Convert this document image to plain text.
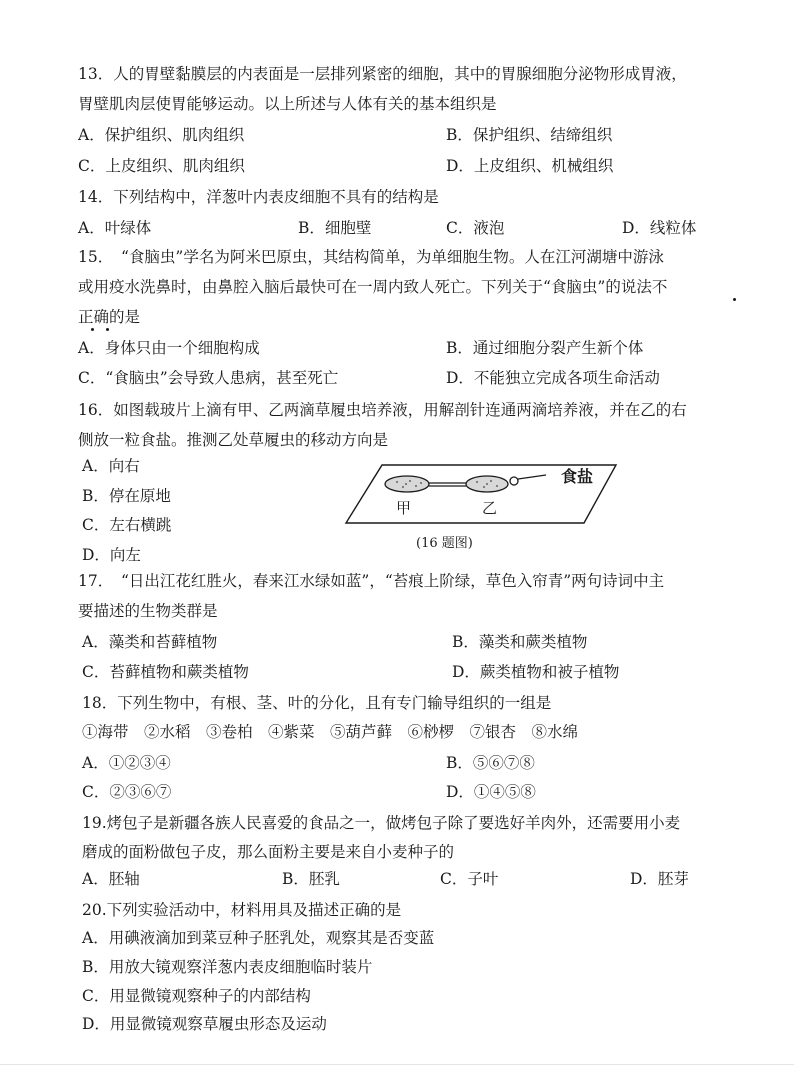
13．人的胃壁黏膜层的内表面是一层排列紧密的细胞，其中的胃腺细胞分泌物形成胃液，
胃壁肌肉层使胃能够运动。以上所述与人体有关的基本组织是
A．保护组织、肌肉组织	B．保护组织、结缔组织
C．上皮组织、肌肉组织	D．上皮组织、机械组织
14．下列结构中，洋葱叶内表皮细胞不具有的结构是
A．叶绿体	B．细胞壁	C．液泡	D．线粒体
15．　“食脑虫”学名为阿米巴原虫，其结构简单，为单细胞生物。人在江河湖塘中游泳
或用疫水洗鼻时，由鼻腔入脑后最快可在一周内致人死亡。下列关于“食脑虫”的说法不
正确的是
A．身体只由一个细胞构成	B．通过细胞分裂产生新个体
C．“食脑虫”会导致人患病，甚至死亡	D．不能独立完成各项生命活动
16．如图载玻片上滴有甲、乙两滴草履虫培养液，用解剖针连通两滴培养液，并在乙的右
侧放一粒食盐。推测乙处草履虫的移动方向是
A．向右
B．停在原地
C．左右横跳
D．向左
甲	乙
食盐
(16 题图)
17．　“日出江花红胜火，春来江水绿如蓝”，“苔痕上阶绿，草色入帘青”两句诗词中主
要描述的生物类群是
A．藻类和苔藓植物	B．藻类和蕨类植物
C．苔藓植物和蕨类植物	D．蕨类植物和被子植物
18．下列生物中，有根、茎、叶的分化，且有专门输导组织的一组是
①海带　②水稻　③卷柏　④紫菜　⑤葫芦藓　⑥桫椤　⑦银杏　⑧水绵
A．①②③④	B．⑤⑥⑦⑧
C．②③⑥⑦	D．①④⑤⑧
19.烤包子是新疆各族人民喜爱的食品之一，做烤包子除了要选好羊肉外，还需要用小麦
磨成的面粉做包子皮，那么面粉主要是来自小麦种子的
A．胚轴	B．胚乳	C．子叶	D．胚芽
20.下列实验活动中，材料用具及描述正确的是
A．用碘液滴加到菜豆种子胚乳处，观察其是否变蓝
B．用放大镜观察洋葱内表皮细胞临时装片
C．用显微镜观察种子的内部结构
D．用显微镜观察草履虫形态及运动
